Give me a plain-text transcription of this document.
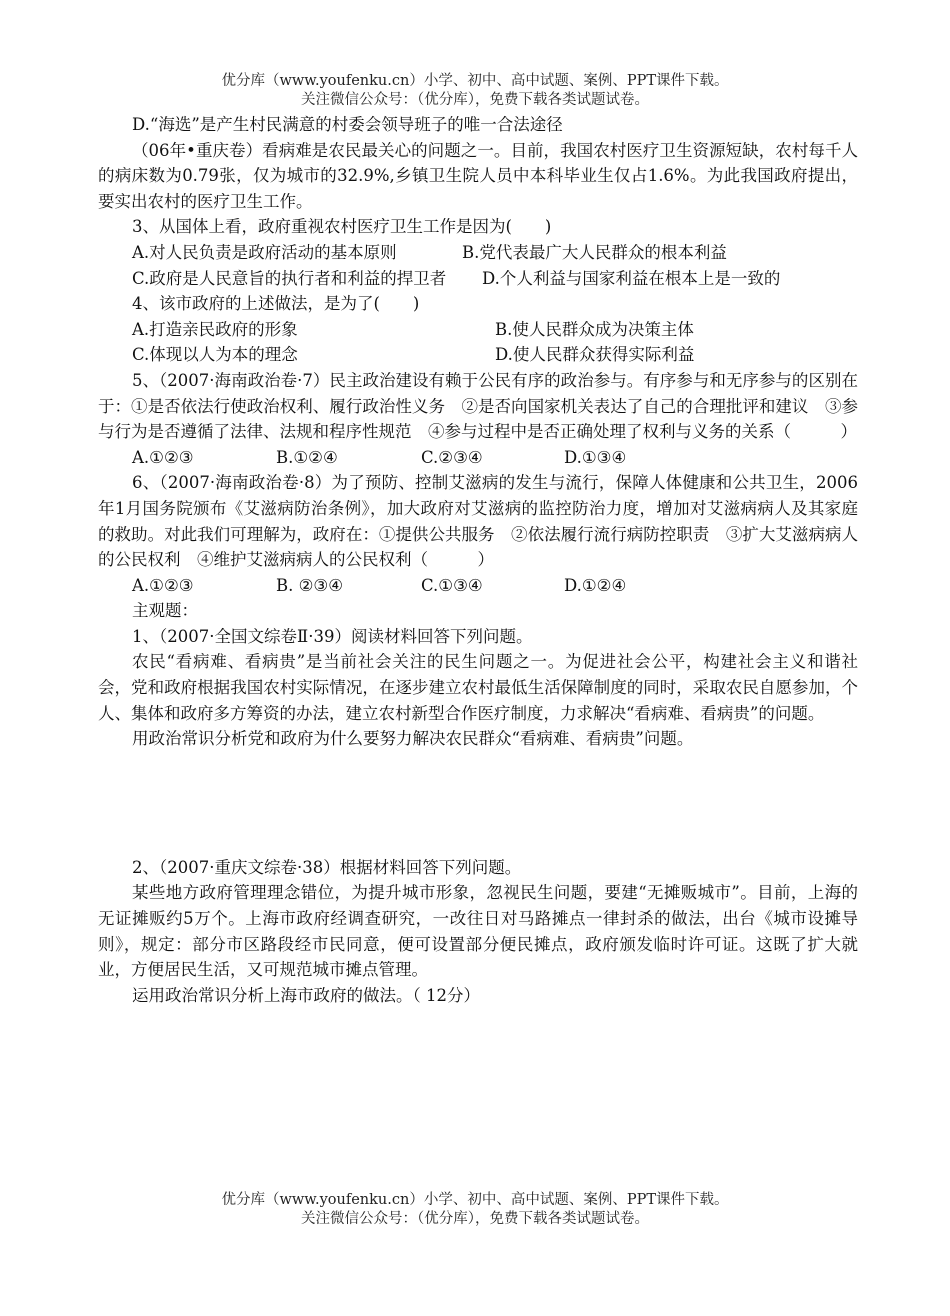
优分库（www.youfenku.cn）小学、初中、高中试题、案例、PPT课件下载。
关注微信公众号：（优分库），免费下载各类试题试卷。

D.“海选”是产生村民满意的村委会领导班子的唯一合法途径

（06年•重庆卷）看病难是农民最关心的问题之一。目前，我国农村医疗卫生资源短缺，农村每千人的病床数为0.79张，仅为城市的32.9%,乡镇卫生院人员中本科毕业生仅占1.6%。为此我国政府提出，要实出农村的医疗卫生工作。

3、从国体上看，政府重视农村医疗卫生工作是因为(　　)

A.对人民负责是政府活动的基本原则	B.党代表最广大人民群众的根本利益
C.政府是人民意旨的执行者和利益的捍卫者	D.个人利益与国家利益在根本上是一致的

4、该市政府的上述做法，是为了(　　)

A.打造亲民政府的形象	B.使人民群众成为决策主体
C.体现以人为本的理念	D.使人民群众获得实际利益

5、（2007·海南政治卷·7）民主政治建设有赖于公民有序的政治参与。有序参与和无序参与的区别在于：①是否依法行使政治权利、履行政治性义务　②是否向国家机关表达了自己的合理批评和建议　③参与行为是否遵循了法律、法规和程序性规范　④参与过程中是否正确处理了权利与义务的关系（　　　）

A.①②③	B.①②④	C.②③④	D.①③④

6、（2007·海南政治卷·8）为了预防、控制艾滋病的发生与流行，保障人体健康和公共卫生，2006年1月国务院颁布《艾滋病防治条例》，加大政府对艾滋病的监控防治力度，增加对艾滋病病人及其家庭的救助。对此我们可理解为，政府在：①提供公共服务　②依法履行流行病防控职责　③扩大艾滋病病人的公民权利　④维护艾滋病病人的公民权利（　　　）

A.①②③	B. ②③④	C.①③④	D.①②④

主观题：

1、（2007·全国文综卷Ⅱ·39）阅读材料回答下列问题。

农民“看病难、看病贵”是当前社会关注的民生问题之一。为促进社会公平，构建社会主义和谐社会，党和政府根据我国农村实际情况，在逐步建立农村最低生活保障制度的同时，采取农民自愿参加，个人、集体和政府多方筹资的办法，建立农村新型合作医疗制度，力求解决“看病难、看病贵”的问题。

用政治常识分析党和政府为什么要努力解决农民群众“看病难、看病贵”问题。

2、（2007·重庆文综卷·38）根据材料回答下列问题。

某些地方政府管理理念错位，为提升城市形象，忽视民生问题，要建“无摊贩城市”。目前，上海的无证摊贩约5万个。上海市政府经调查研究，一改往日对马路摊点一律封杀的做法，出台《城市设摊导则》，规定：部分市区路段经市民同意，便可设置部分便民摊点，政府颁发临时许可证。这既了扩大就业，方便居民生活，又可规范城市摊点管理。

运用政治常识分析上海市政府的做法。（ 12分）

优分库（www.youfenku.cn）小学、初中、高中试题、案例、PPT课件下载。
关注微信公众号：（优分库），免费下载各类试题试卷。
